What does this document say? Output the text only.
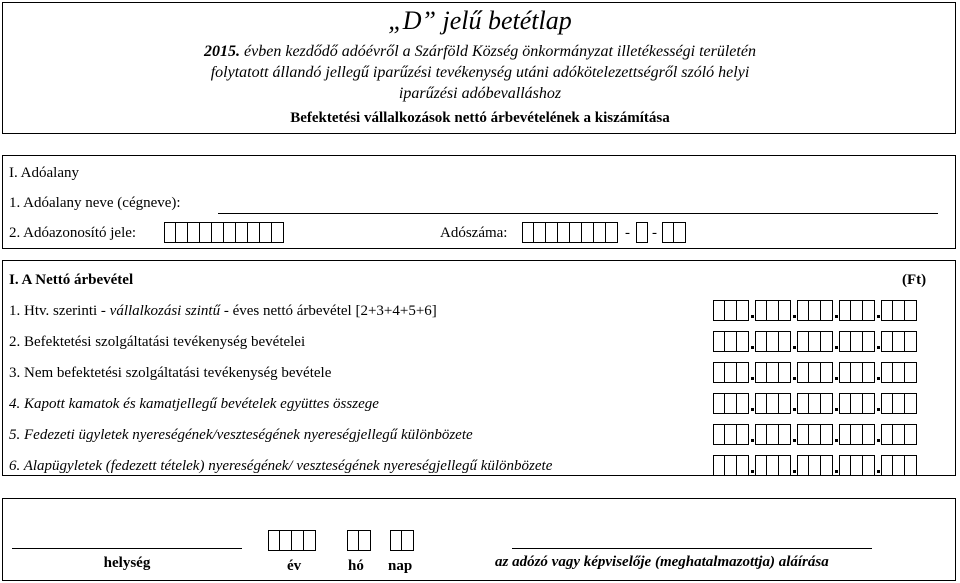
„D” jelű betétlap
2015. évben kezdődő adóévről a Szárföld Község önkormányzat illetékességi területén
folytatott állandó jellegű iparűzési tevékenység utáni adókötelezettségről szóló helyi
iparűzési adóbevalláshoz
Befektetési vállalkozások nettó árbevételének a kiszámítása
I. Adóalany
1. Adóalany neve (cégneve):
2. Adóazonosító jele:	Adószáma:	- -
I. A Nettó árbevétel	(Ft)
1. Htv. szerinti - vállalkozási szintű - éves nettó árbevétel [2+3+4+5+6]
2. Befektetési szolgáltatási tevékenység bevételei
3. Nem befektetési szolgáltatási tevékenység bevétele
4. Kapott kamatok és kamatjellegű bevételek együttes összege
5. Fedezeti ügyletek nyereségének/veszteségének nyereségjellegű különbözete
6. Alapügyletek (fedezett tételek) nyereségének/ veszteségének nyereségjellegű különbözete
helység	év	hó nap	az adózó vagy képviselője (meghatalmazottja) aláírása
